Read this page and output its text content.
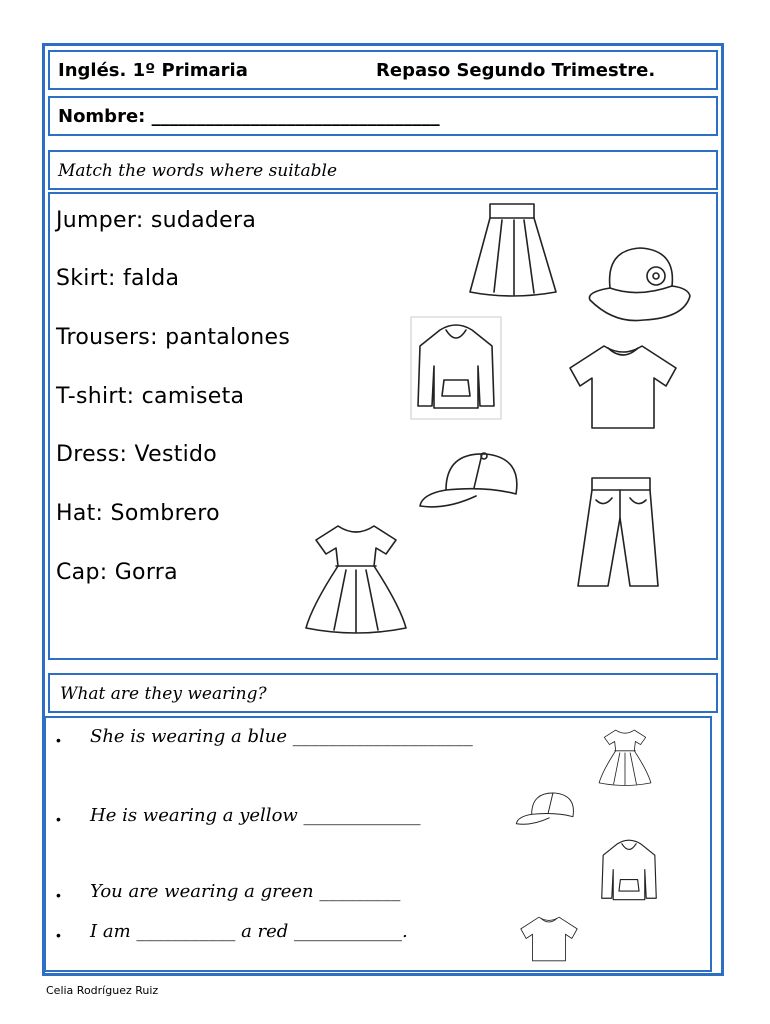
Inglés. 1º Primaria	Repaso Segundo Trimestre.
Nombre: ________________________________
Match the words where suitable
Jumper: sudadera
Skirt: falda
Trousers: pantalones
T-shirt: camiseta
Dress: Vestido
Hat: Sombrero
Cap: Gorra
What are they wearing?
• She is wearing a blue ____________________
• He is wearing a yellow _____________
• You are wearing a green _________
• I am ___________ a red ____________.
Celia Rodríguez Ruiz
